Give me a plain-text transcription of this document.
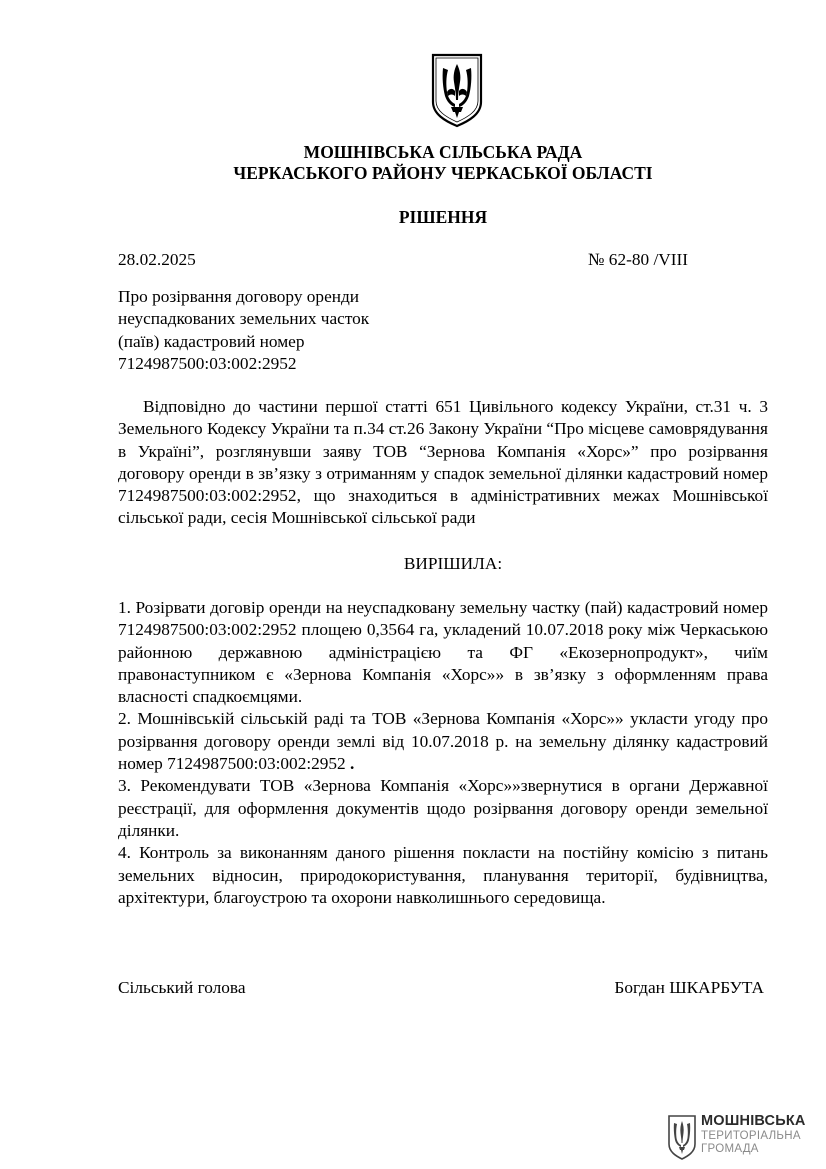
МОШНІВСЬКА СІЛЬСЬКА РАДА
ЧЕРКАСЬКОГО РАЙОНУ ЧЕРКАСЬКОЇ ОБЛАСТІ
РІШЕННЯ
28.02.2025	№ 62-80 /VIII
Про розірвання договору оренди
неуспадкованих земельних часток
(паїв) кадастровий номер
7124987500:03:002:2952
Відповідно до частини першої статті 651 Цивільного кодексу України, ст.31 ч. 3 Земельного Кодексу України та п.34 ст.26 Закону України “Про місцеве самоврядування в Україні”, розглянувши заяву ТОВ “Зернова Компанія «Хорс»” про розірвання договору оренди в зв’язку з отриманням у спадок земельної ділянки кадастровий номер 7124987500:03:002:2952, що знаходиться в адміністративних межах Мошнівської сільської ради, сесія Мошнівської сільської ради
ВИРІШИЛА:

1. Розірвати договір оренди на неуспадковану земельну частку (пай) кадастровий номер 7124987500:03:002:2952 площею 0,3564 га, укладений 10.07.2018 року між Черкаською районною державною адміністрацією та ФГ «Екозернопродукт», чиїм правонаступником є «Зернова Компанія «Хорс»» в зв’язку з оформленням права власності спадкоємцями.

2. Мошнівській сільській раді та ТОВ «Зернова Компанія «Хорс»» укласти угоду про розірвання договору оренди землі від 10.07.2018 р. на земельну ділянку кадастровий номер 7124987500:03:002:2952 .

3. Рекомендувати ТОВ «Зернова Компанія «Хорс»»звернутися в органи Державної реєстрації, для оформлення документів щодо розірвання договору оренди земельної ділянки.

4. Контроль за виконанням даного рішення покласти на постійну комісію з питань земельних відносин, природокористування, планування території, будівництва, архітектури, благоустрою та охорони навколишнього середовища.

Сільський голова	Богдан ШКАРБУТА
МОШНІВСЬКА
ТЕРИТОРІАЛЬНА
ГРОМАДА
